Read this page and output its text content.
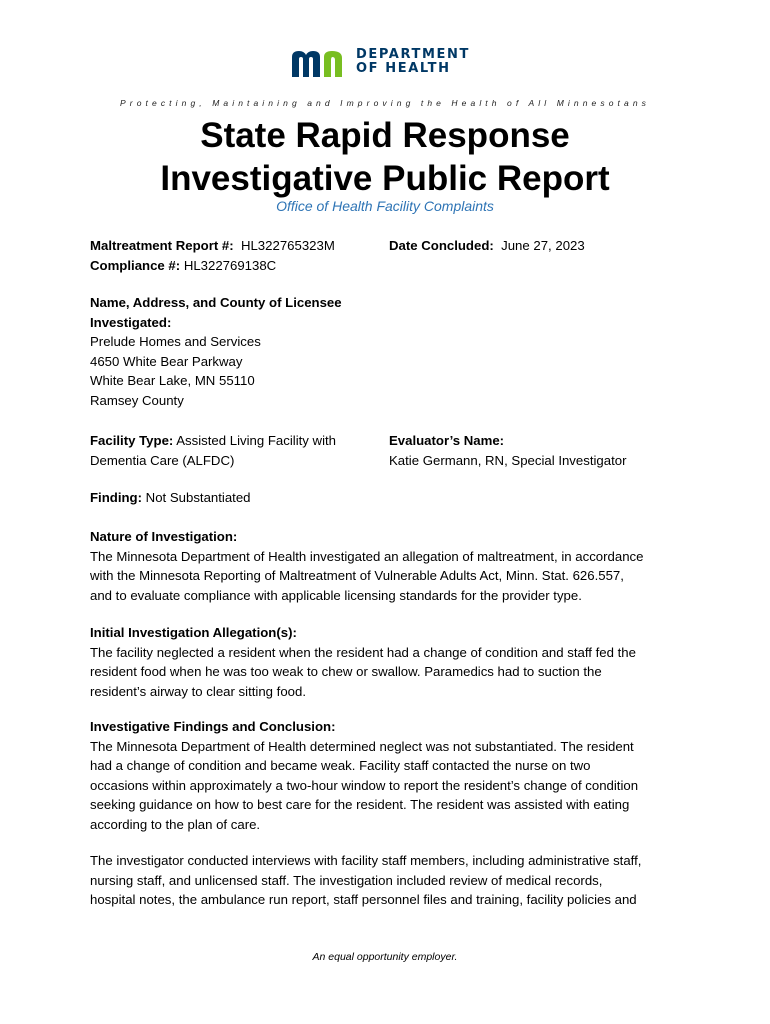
DEPARTMENT
OF HEALTH
Protecting, Maintaining and Improving the Health of All Minnesotans
State Rapid Response
Investigative Public Report
Office of Health Facility Complaints
Maltreatment Report #: HL322765323M
Compliance #: HL322769138C
Date Concluded: June 27, 2023
Name, Address, and County of Licensee
Investigated:
Prelude Homes and Services
4650 White Bear Parkway
White Bear Lake, MN 55110
Ramsey County
Facility Type: Assisted Living Facility with
Dementia Care (ALFDC)
Evaluator’s Name:
Katie Germann, RN, Special Investigator
Finding: Not Substantiated
Nature of Investigation:
The Minnesota Department of Health investigated an allegation of maltreatment, in accordance
with the Minnesota Reporting of Maltreatment of Vulnerable Adults Act, Minn. Stat. 626.557,
and to evaluate compliance with applicable licensing standards for the provider type.
Initial Investigation Allegation(s):
The facility neglected a resident when the resident had a change of condition and staff fed the
resident food when he was too weak to chew or swallow. Paramedics had to suction the
resident’s airway to clear sitting food.
Investigative Findings and Conclusion:
The Minnesota Department of Health determined neglect was not substantiated. The resident
had a change of condition and became weak. Facility staff contacted the nurse on two
occasions within approximately a two-hour window to report the resident’s change of condition
seeking guidance on how to best care for the resident. The resident was assisted with eating
according to the plan of care.
The investigator conducted interviews with facility staff members, including administrative staff,
nursing staff, and unlicensed staff. The investigation included review of medical records,
hospital notes, the ambulance run report, staff personnel files and training, facility policies and
An equal opportunity employer.
